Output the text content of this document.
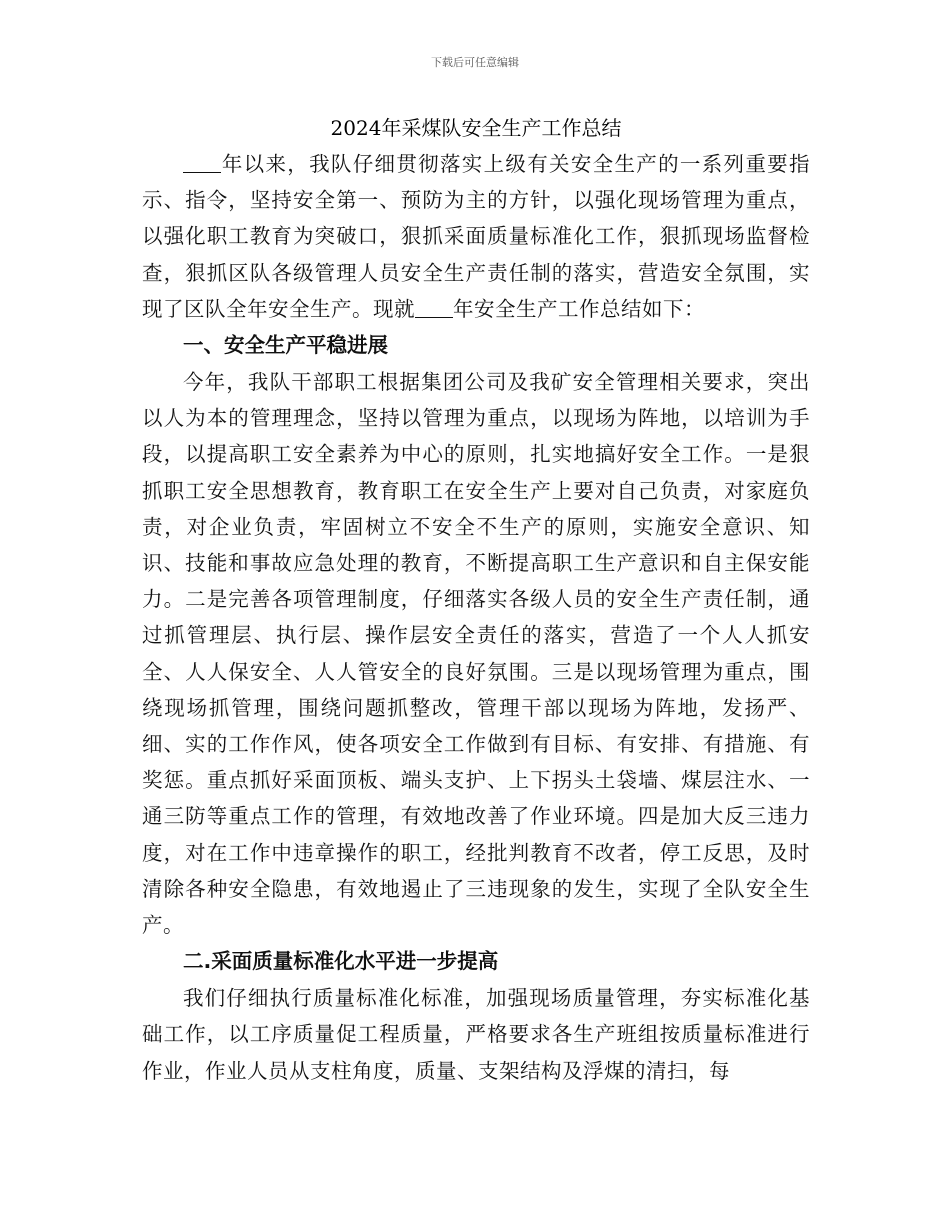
下载后可任意编辑
2024年采煤队安全生产工作总结

年以来，我队仔细贯彻落实上级有关安全生产的一系列重要指示、指令，坚持安全第一、预防为主的方针，以强化现场管理为重点，以强化职工教育为突破口，狠抓采面质量标准化工作，狠抓现场监督检查，狠抓区队各级管理人员安全生产责任制的落实，营造安全氛围，实现了区队全年安全生产。现就 年安全生产工作总结如下：

一、安全生产平稳进展

今年，我队干部职工根据集团公司及我矿安全管理相关要求，突出以人为本的管理理念，坚持以管理为重点，以现场为阵地，以培训为手段，以提高职工安全素养为中心的原则，扎实地搞好安全工作。一是狠抓职工安全思想教育，教育职工在安全生产上要对自己负责，对家庭负责，对企业负责，牢固树立不安全不生产的原则，实施安全意识、知识、技能和事故应急处理的教育，不断提高职工生产意识和自主保安能力。二是完善各项管理制度，仔细落实各级人员的安全生产责任制，通过抓管理层、执行层、操作层安全责任的落实，营造了一个人人抓安全、人人保安全、人人管安全的良好氛围。三是以现场管理为重点，围绕现场抓管理，围绕问题抓整改，管理干部以现场为阵地，发扬严、细、实的工作作风，使各项安全工作做到有目标、有安排、有措施、有奖惩。重点抓好采面顶板、端头支护、上下拐头土袋墙、煤层注水、一通三防等重点工作的管理，有效地改善了作业环境。四是加大反三违力度，对在工作中违章操作的职工，经批判教育不改者，停工反思，及时清除各种安全隐患，有效地遏止了三违现象的发生，实现了全队安全生产。

二.采面质量标准化水平进一步提高

我们仔细执行质量标准化标准，加强现场质量管理，夯实标准化基础工作，以工序质量促工程质量，严格要求各生产班组按质量标准进行作业，作业人员从支柱角度，质量、支架结构及浮煤的清扫，每
